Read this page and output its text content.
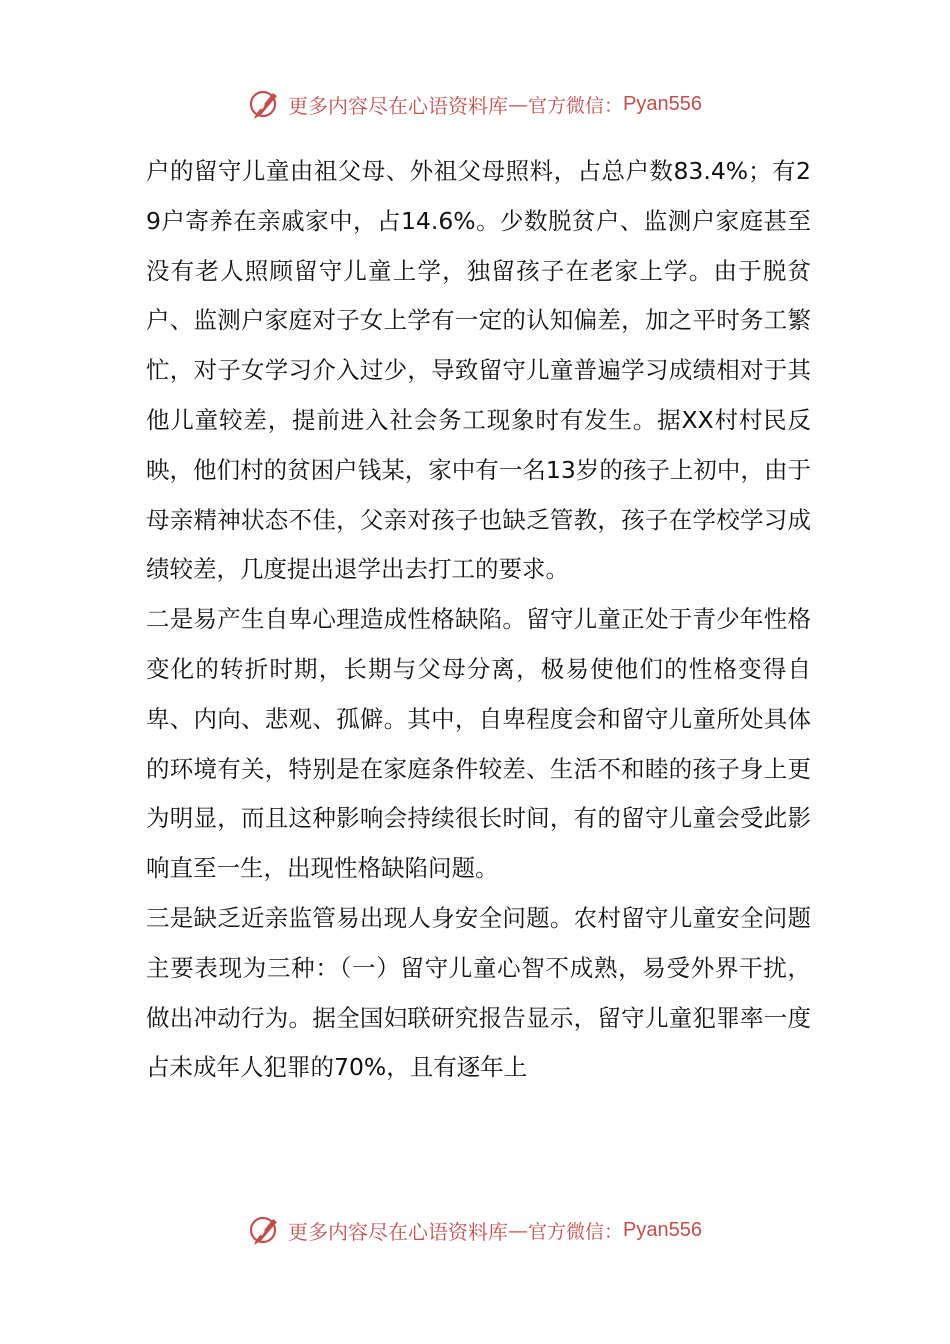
更多内容尽在心语资料库 — 官方微信： Pyan556

户的留守儿童由祖父母、外祖父母照料，占总户数83.4%；有29户寄养在亲戚家中，占14.6%。少数脱贫户、监测户家庭甚至没有老人照顾留守儿童上学，独留孩子在老家上学。由于脱贫户、监测户家庭对子女上学有一定的认知偏差，加之平时务工繁忙，对子女学习介入过少，导致留守儿童普遍学习成绩相对于其他儿童较差，提前进入社会务工现象时有发生。据XX村村民反映，他们村的贫困户钱某，家中有一名13岁的孩子上初中，由于母亲精神状态不佳，父亲对孩子也缺乏管教，孩子在学校学习成绩较差，几度提出退学出去打工的要求。

二是易产生自卑心理造成性格缺陷。留守儿童正处于青少年性格变化的转折时期，长期与父母分离，极易使他们的性格变得自卑、内向、悲观、孤僻。其中，自卑程度会和留守儿童所处具体的环境有关，特别是在家庭条件较差、生活不和睦的孩子身上更为明显，而且这种影响会持续很长时间，有的留守儿童会受此影响直至一生，出现性格缺陷问题。

三是缺乏近亲监管易出现人身安全问题。农村留守儿童安全问题主要表现为三种：（一）留守儿童心智不成熟，易受外界干扰，做出冲动行为。据全国妇联研究报告显示，留守儿童犯罪率一度占未成年人犯罪的70%，且有逐年上

更多内容尽在心语资料库 — 官方微信： Pyan556
